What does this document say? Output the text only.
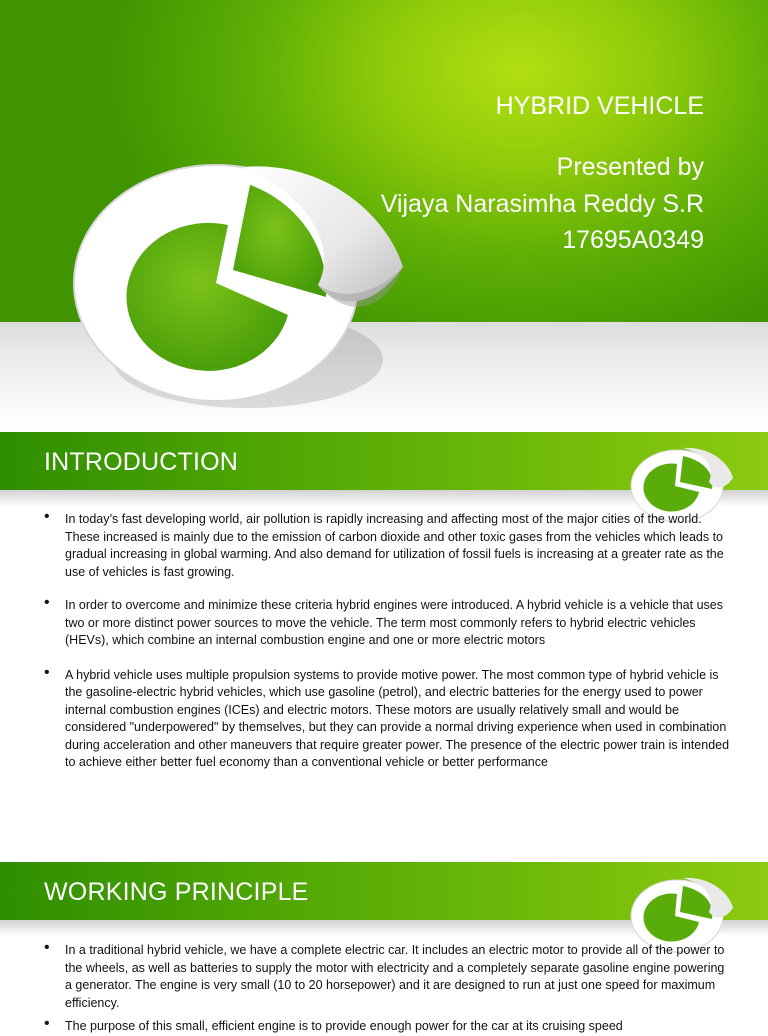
HYBRID VEHICLE
Presented by
Vijaya Narasimha Reddy S.R
17695A0349
INTRODUCTION
• In today’s fast developing world, air pollution is rapidly increasing and affecting most of the major cities of the world. These increased is mainly due to the emission of carbon dioxide and other toxic gases from the vehicles which leads to gradual increasing in global warming. And also demand for utilization of fossil fuels is increasing at a greater rate as the use of vehicles is fast growing.
• In order to overcome and minimize these criteria hybrid engines were introduced. A hybrid vehicle is a vehicle that uses two or more distinct power sources to move the vehicle. The term most commonly refers to hybrid electric vehicles (HEVs), which combine an internal combustion engine and one or more electric motors
• A hybrid vehicle uses multiple propulsion systems to provide motive power. The most common type of hybrid vehicle is the gasoline-electric hybrid vehicles, which use gasoline (petrol), and electric batteries for the energy used to power internal combustion engines (ICEs) and electric motors. These motors are usually relatively small and would be considered "underpowered" by themselves, but they can provide a normal driving experience when used in combination during acceleration and other maneuvers that require greater power. The presence of the electric power train is intended to achieve either better fuel economy than a conventional vehicle or better performance
WORKING PRINCIPLE
• In a traditional hybrid vehicle, we have a complete electric car. It includes an electric motor to provide all of the power to the wheels, as well as batteries to supply the motor with electricity and a completely separate gasoline engine powering a generator. The engine is very small (10 to 20 horsepower) and it are designed to run at just one speed for maximum efficiency.
• The purpose of this small, efficient engine is to provide enough power for the car at its cruising speed
